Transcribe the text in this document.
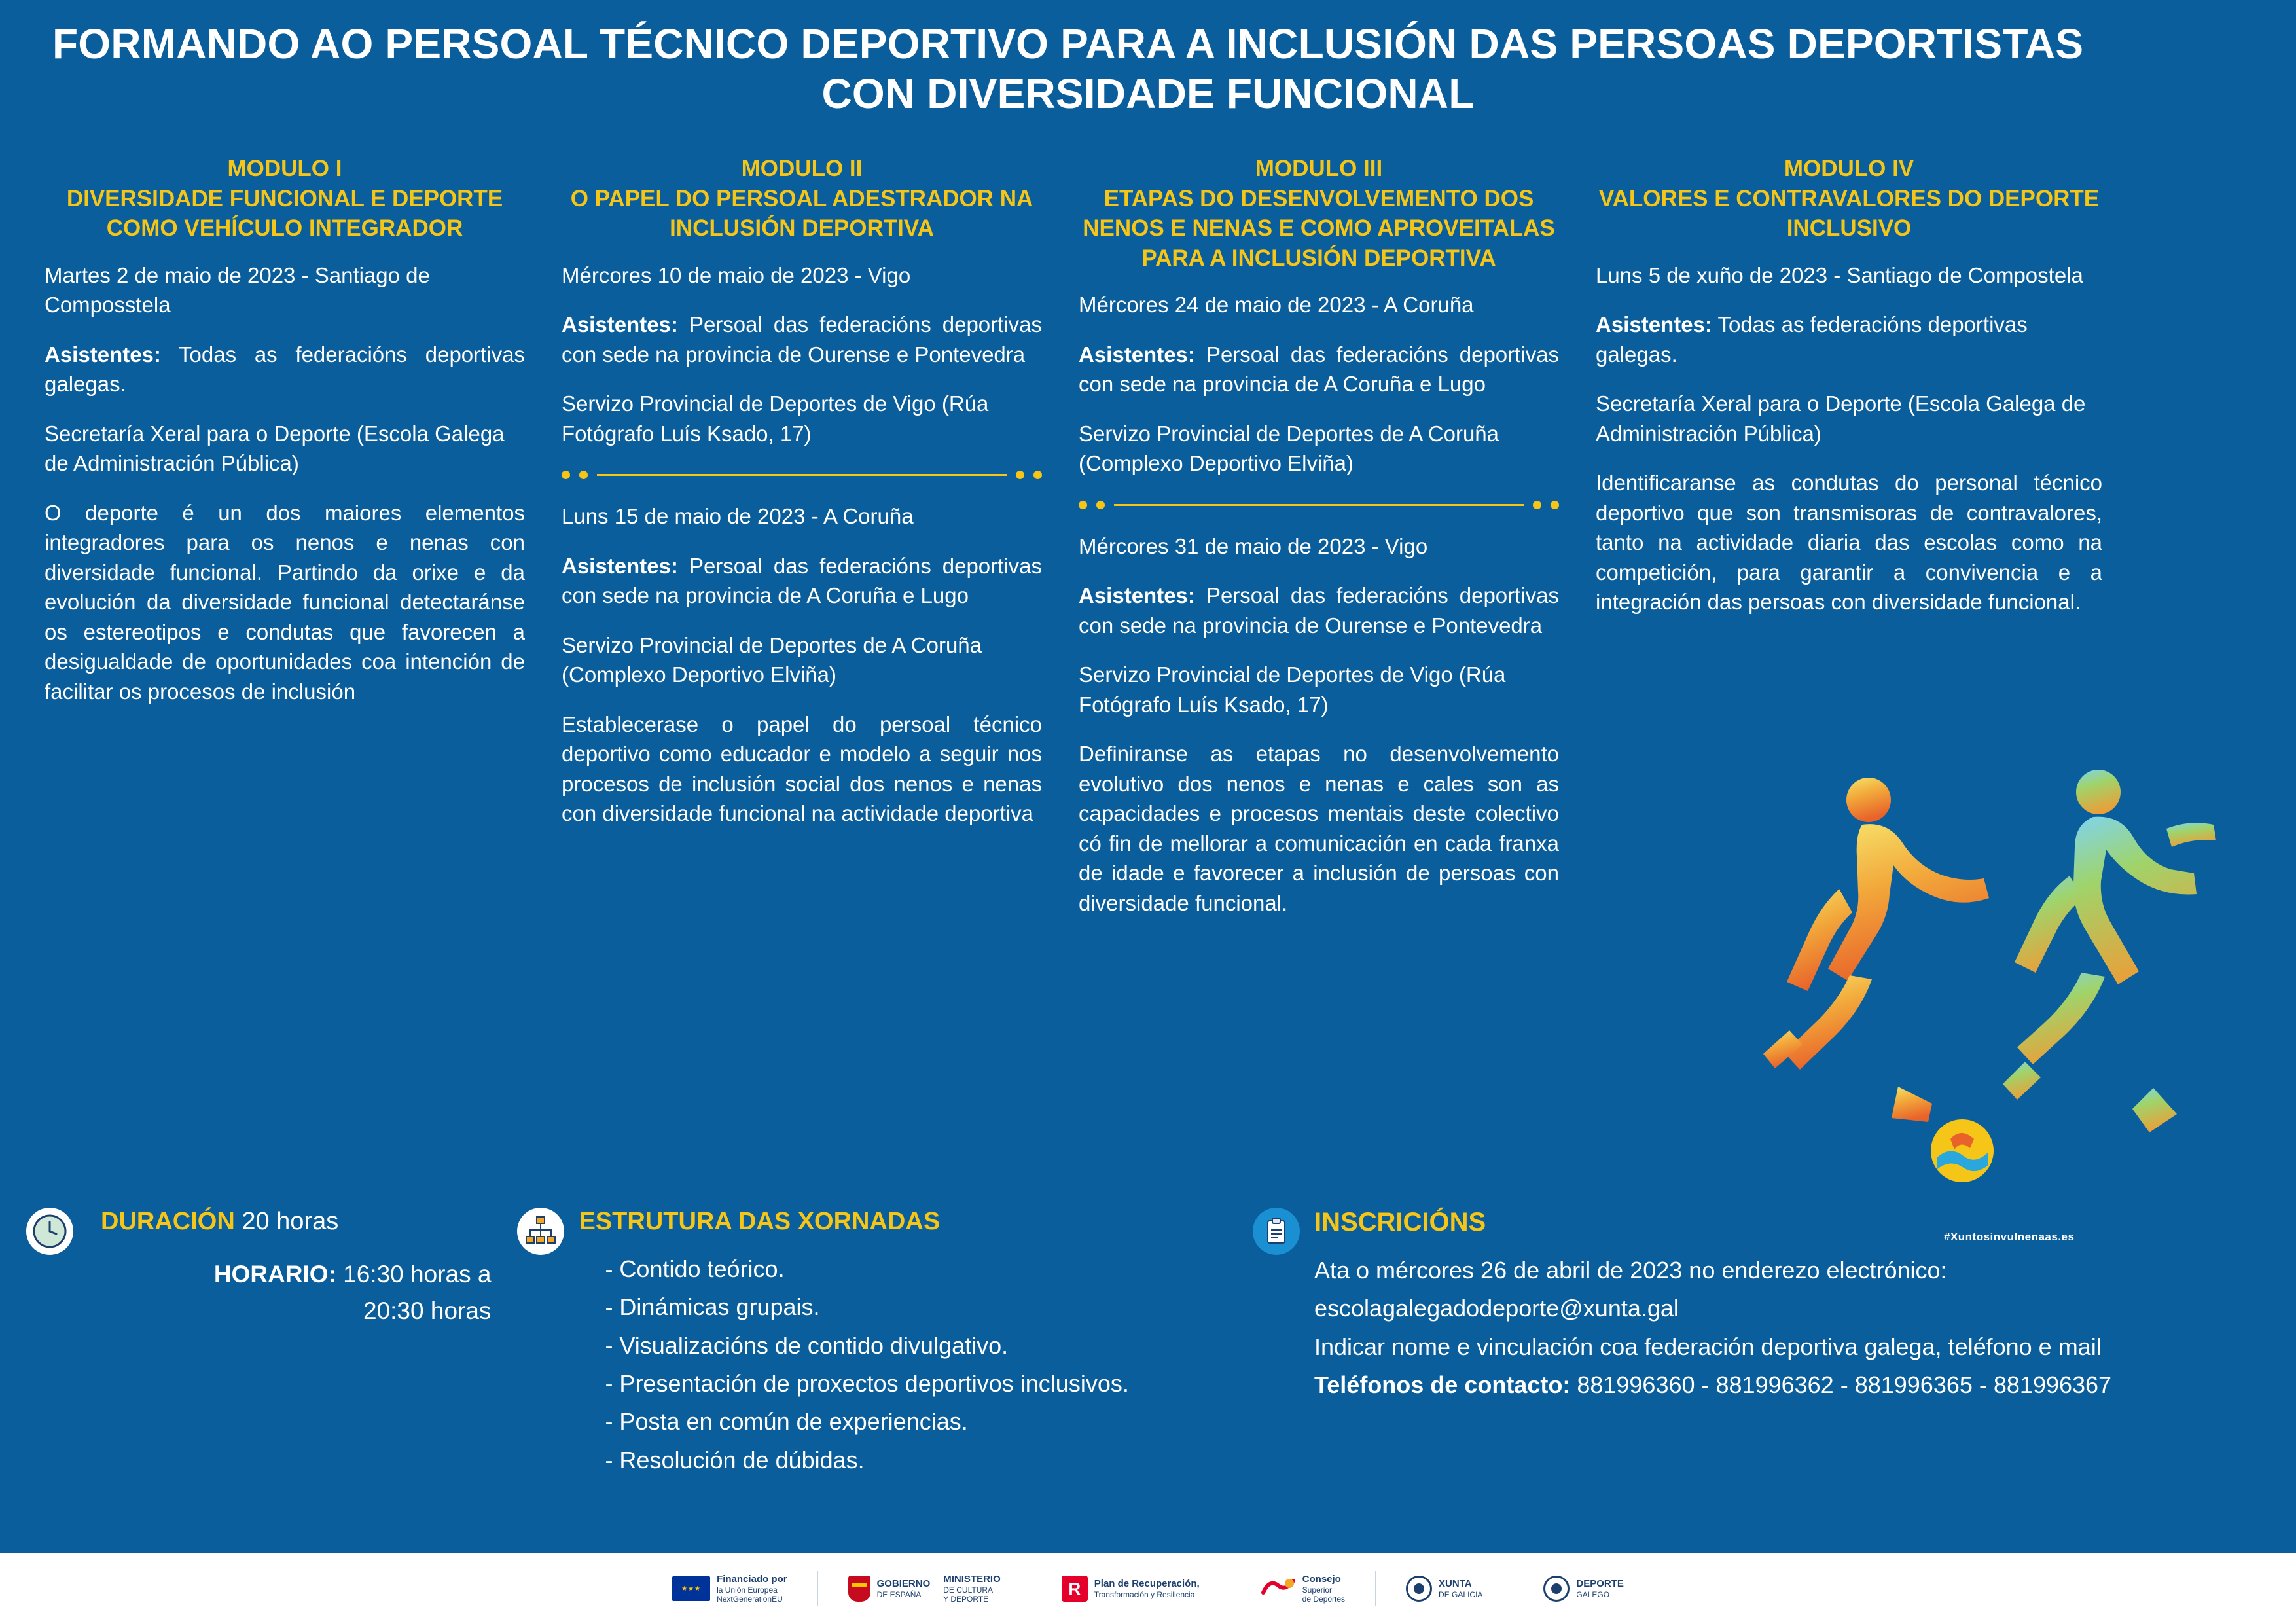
FORMANDO AO PERSOAL TÉCNICO DEPORTIVO PARA A INCLUSIÓN DAS PERSOAS DEPORTISTAS
CON DIVERSIDADE FUNCIONAL
MODULO I
DIVERSIDADE FUNCIONAL E DEPORTE COMO VEHÍCULO INTEGRADOR
Martes 2 de maio de 2023 - Santiago de Composstela
Asistentes: Todas as federacións deportivas galegas.
Secretaría Xeral para o Deporte (Escola Galega de Administración Pública)
O deporte é un dos maiores elementos integradores para os nenos e nenas con diversidade funcional. Partindo da orixe e da evolución da diversidade funcional detectaránse os estereotipos e condutas que favorecen a desigualdade de oportunidades coa intención de facilitar os procesos de inclusión
MODULO II
O PAPEL DO PERSOAL ADESTRADOR NA INCLUSIÓN DEPORTIVA
Mércores 10 de maio de 2023 - Vigo
Asistentes: Persoal das federacións deportivas con sede na provincia de Ourense e Pontevedra
Servizo Provincial de Deportes de Vigo (Rúa Fotógrafo Luís Ksado, 17)
Luns 15 de maio de 2023 - A Coruña
Asistentes: Persoal das federacións deportivas con sede na provincia de A Coruña e Lugo
Servizo Provincial de Deportes de A Coruña (Complexo Deportivo Elviña)
Establecerase o papel do persoal técnico deportivo como educador e modelo a seguir nos procesos de inclusión social dos nenos e nenas con diversidade funcional na actividade deportiva
MODULO III
ETAPAS DO DESENVOLVEMENTO DOS NENOS E NENAS E COMO APROVEITALAS PARA A INCLUSIÓN DEPORTIVA
Mércores 24 de maio de 2023 - A Coruña
Asistentes: Persoal das federacións deportivas con sede na provincia de A Coruña e Lugo
Servizo Provincial de Deportes de A Coruña (Complexo Deportivo Elviña)
Mércores 31 de maio de 2023 - Vigo
Asistentes: Persoal das federacións deportivas con sede na provincia de Ourense e Pontevedra
Servizo Provincial de Deportes de Vigo (Rúa Fotógrafo Luís Ksado, 17)
Definiranse as etapas no desenvolvemento evolutivo dos nenos e nenas e cales son as capacidades e procesos mentais deste colectivo có fin de mellorar a comunicación en cada franxa de idade e favorecer a inclusión de persoas con diversidade funcional.
MODULO IV
VALORES E CONTRAVALORES DO DEPORTE INCLUSIVO
Luns 5 de xuño de 2023 - Santiago de Compostela
Asistentes: Todas as federacións deportivas galegas.
Secretaría Xeral para o Deporte (Escola Galega de Administración Pública)
Identificaranse as condutas do personal técnico deportivo que son transmisoras de contravalores, tanto na actividade diaria das escolas como na competición, para garantir a convivencia e a integración das persoas con diversidade funcional.
#Xuntosinvulnenaas.es
DURACIÓN 20 horas
HORARIO: 16:30 horas a
20:30 horas
ESTRUTURA DAS XORNADAS
- Contido teórico.
- Dinámicas grupais.
- Visualizacións de contido divulgativo.
- Presentación de proxectos deportivos inclusivos.
- Posta en común de experiencias.
- Resolución de dúbidas.
INSCRICIÓNS
Ata o mércores 26 de abril de 2023 no enderezo electrónico:
escolagalegadodeporte@xunta.gal
Indicar nome e vinculación coa federación deportiva galega, teléfono e mail
Teléfonos de contacto: 881996360 - 881996362 - 881996365 - 881996367
★★★
Financiado por
la Unión Europea
NextGenerationEU
GOBIERNO
DE ESPAÑA
MINISTERIO
DE CULTURA
Y DEPORTE
R	Plan de Recuperación,
Transformación y Resiliencia
Consejo
Superior
de Deportes
XUNTA
DE GALICIA
DEPORTE
GALEGO
